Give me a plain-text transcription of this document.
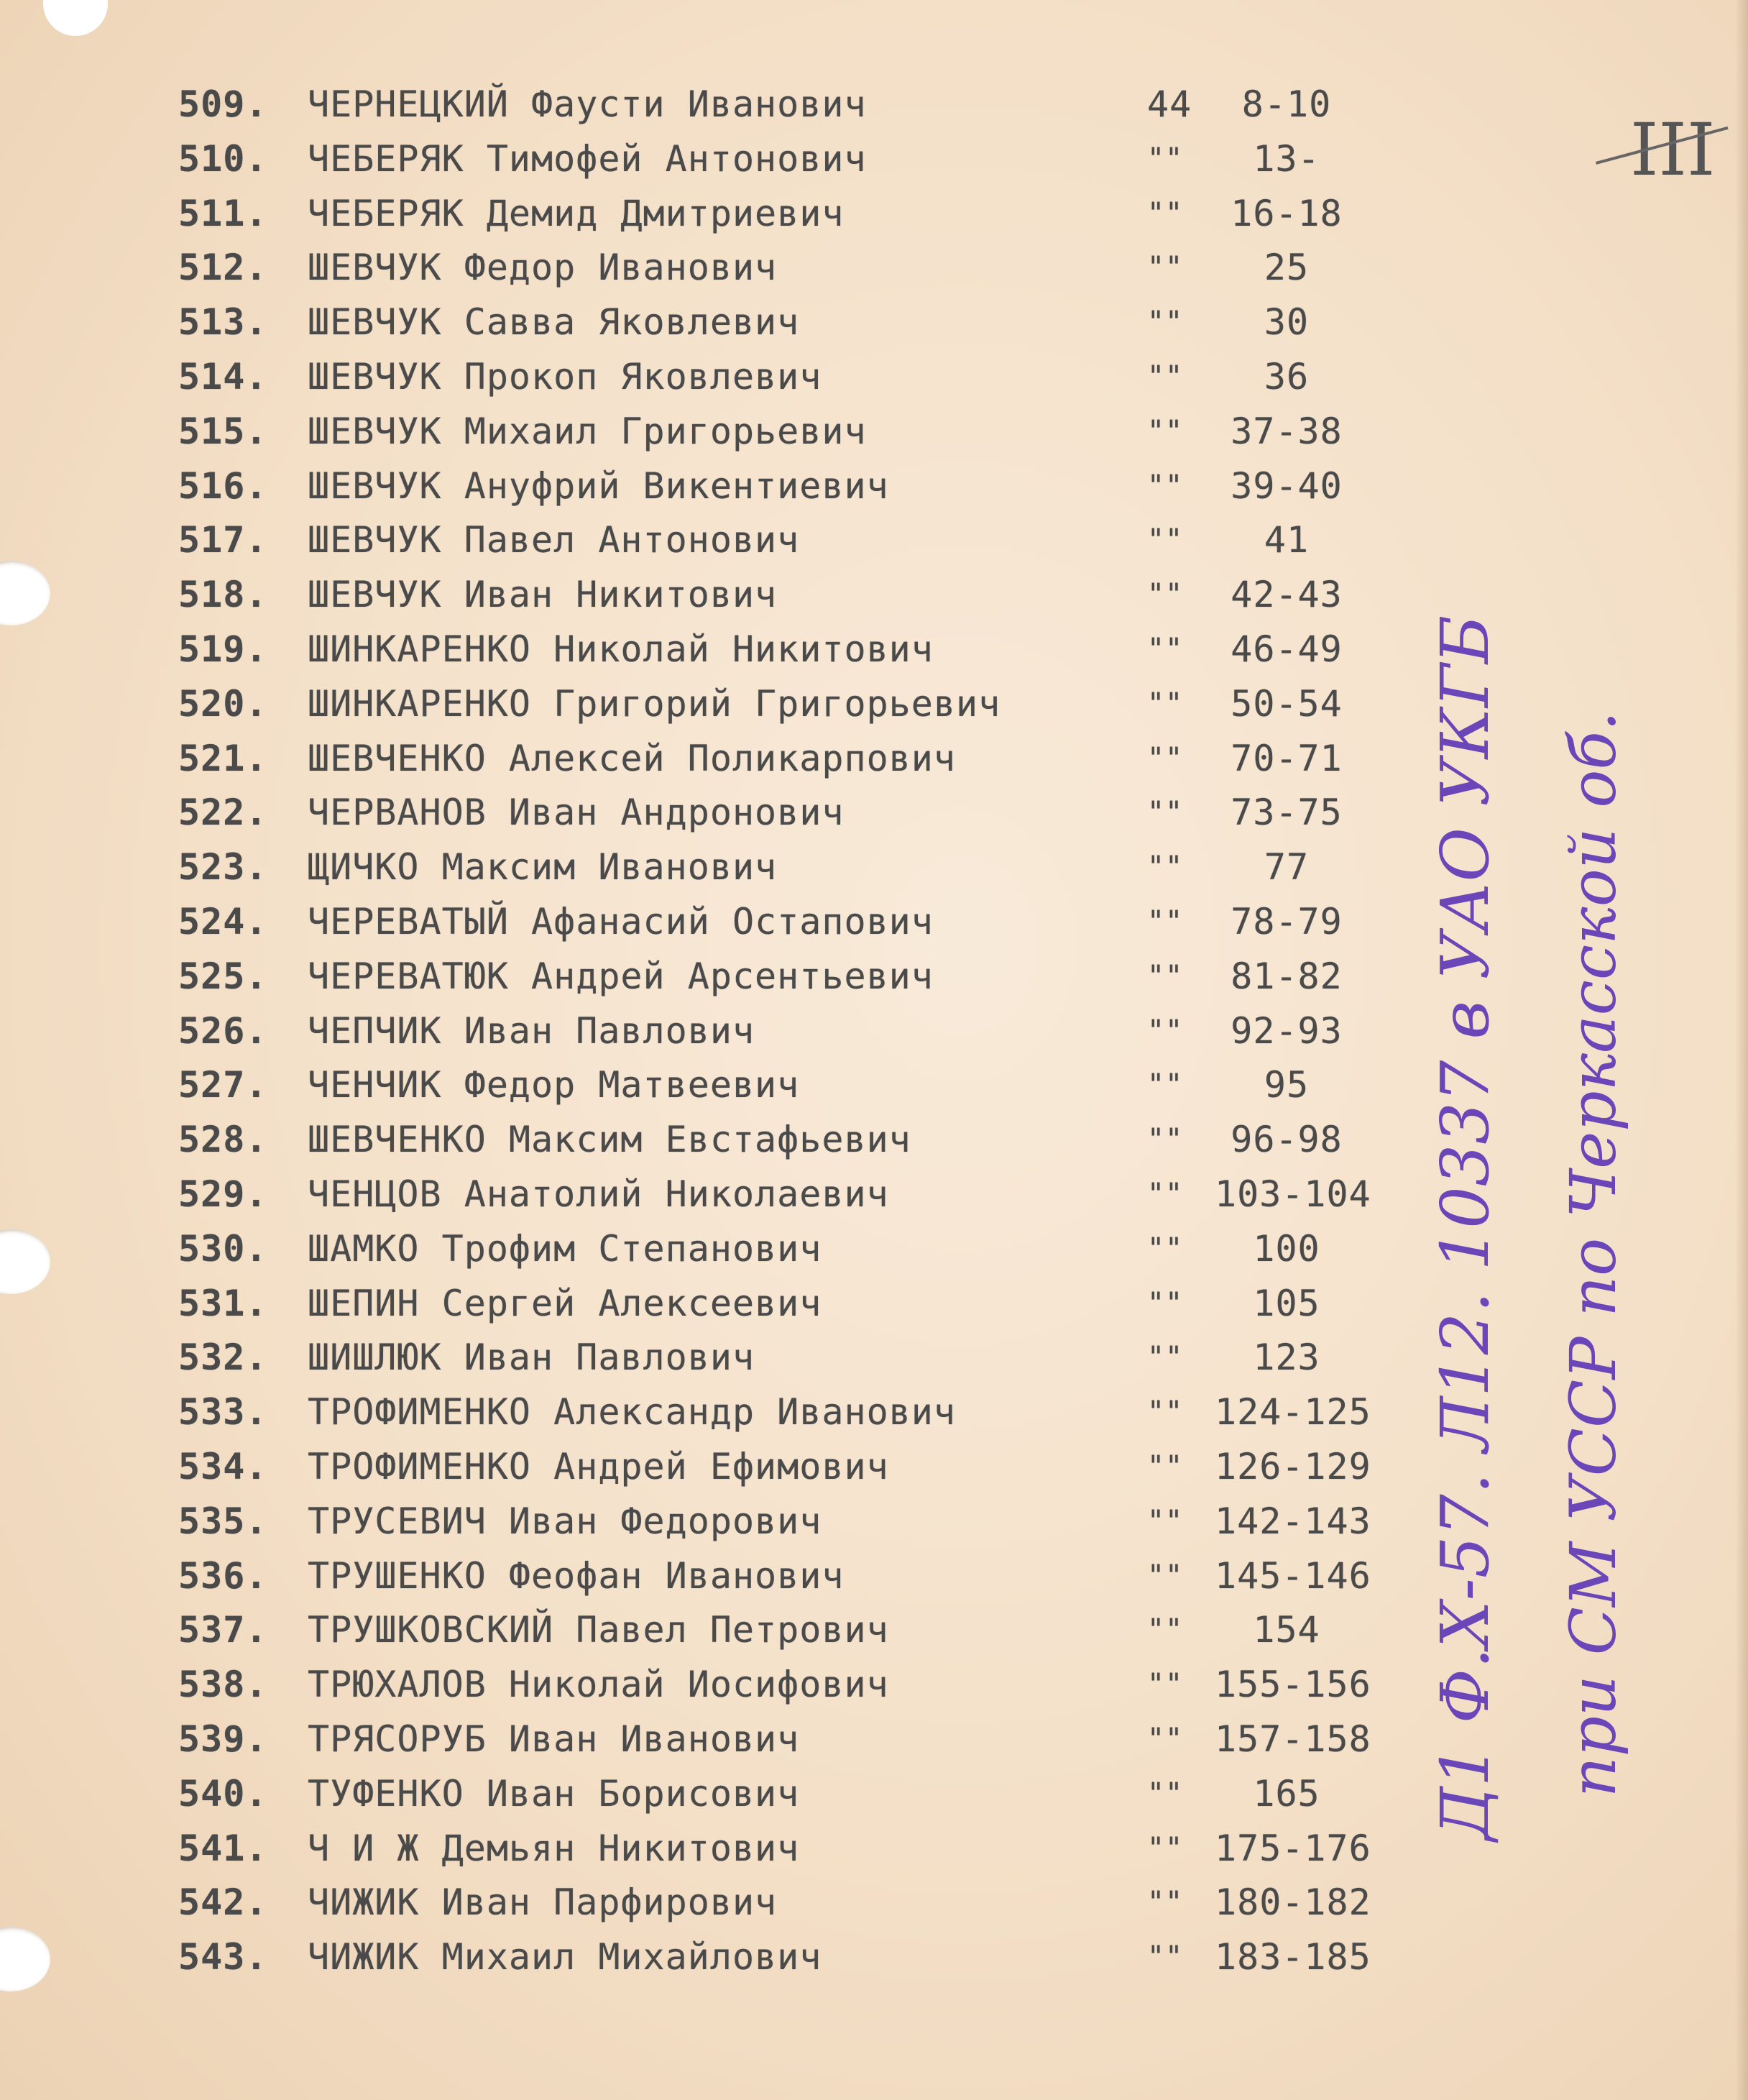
509. ЧЕРНЕЦКИЙ Фаусти Иванович	44	8-10
510. ЧЕБЕРЯК Тимофей Антонович	""	13-
511. ЧЕБЕРЯК Демид Дмитриевич	""	16-18
512. ШЕВЧУК Федор Иванович	""	25
513. ШЕВЧУК Савва Яковлевич	""	30
514. ШЕВЧУК Прокоп Яковлевич	""	36
515. ШЕВЧУК Михаил Григорьевич	""	37-38
516. ШЕВЧУК Ануфрий Викентиевич	""	39-40
517. ШЕВЧУК Павел Антонович	""	41
518. ШЕВЧУК Иван Никитович	""	42-43
519. ШИНКАРЕНКО Николай Никитович	""	46-49
520. ШИНКАРЕНКО Григорий Григорьевич	""	50-54
521. ШЕВЧЕНКО Алексей Поликарпович	""	70-71
522. ЧЕРВАНОВ Иван Андронович	""	73-75
523. ЩИЧКО Максим Иванович	""	77
524. ЧЕРЕВАТЫЙ Афанасий Остапович	""	78-79
525. ЧЕРЕВАТЮК Андрей Арсентьевич	""	81-82
526. ЧЕПЧИК Иван Павлович	""	92-93
527. ЧЕНЧИК Федор Матвеевич	""	95
528. ШЕВЧЕНКО Максим Евстафьевич	""	96-98
529. ЧЕНЦОВ Анатолий Николаевич	"" 103-104
530. ШАМКО Трофим Степанович	""	100
531. ШЕПИН Сергей Алексеевич	""	105
532. ШИШЛЮК Иван Павлович	""	123
533. ТРОФИМЕНКО Александр Иванович	"" 124-125
534. ТРОФИМЕНКО Андрей Ефимович	"" 126-129
535. ТРУСЕВИЧ Иван Федорович	"" 142-143
536. ТРУШЕНКО Феофан Иванович	"" 145-146
537. ТРУШКОВСКИЙ Павел Петрович	""	154
538. ТРЮХАЛОВ Николай Иосифович	"" 155-156
539. ТРЯСОРУБ Иван Иванович	"" 157-158
540. ТУФЕНКО Иван Борисович	""	165
541. Ч И Ж Демьян Никитович	"" 175-176
542. ЧИЖИК Иван Парфирович	"" 180-182
543. ЧИЖИК Михаил Михайлович	"" 183-185
III
Д1 Ф.Х-57. Л12. 10337 в УАО УКГБ при СМ УССР по Черкасской об.
